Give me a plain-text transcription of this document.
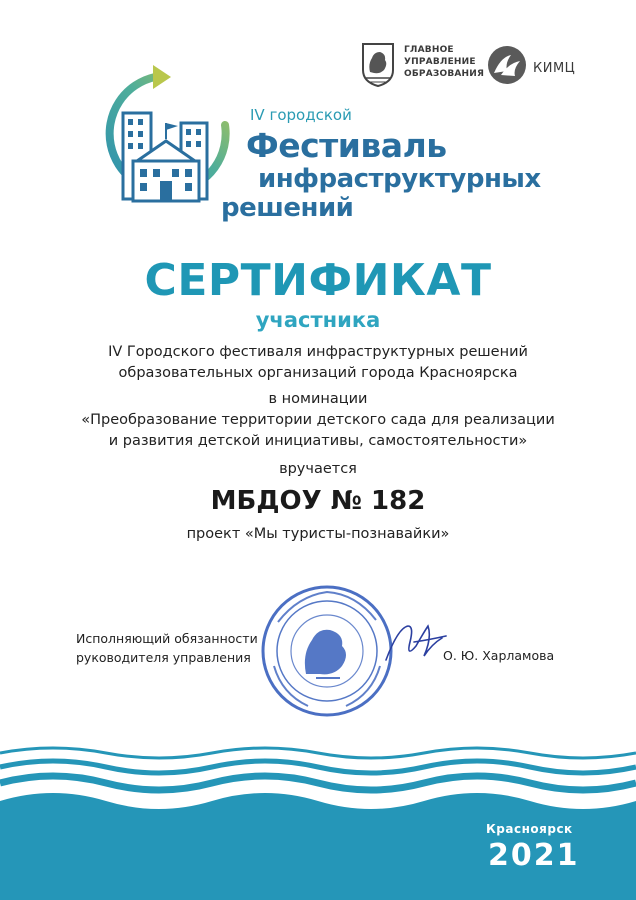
ГЛАВНОЕ
УПРАВЛЕНИЕ
ОБРАЗОВАНИЯ	КИМЦ
IV городской
Фестиваль
инфраструктурных
решений
СЕРТИФИКАТ
участника
IV Городского фестиваля инфраструктурных решений
образовательных организаций города Красноярска
в номинации
«Преобразование территории детского сада для реализации
и развития детской инициативы, самостоятельности»
вручается
МБДОУ № 182
проект «Мы туристы-познавайки»
Исполняющий обязанности
руководителя управления	О. Ю. Харламова
Красноярск
2021
